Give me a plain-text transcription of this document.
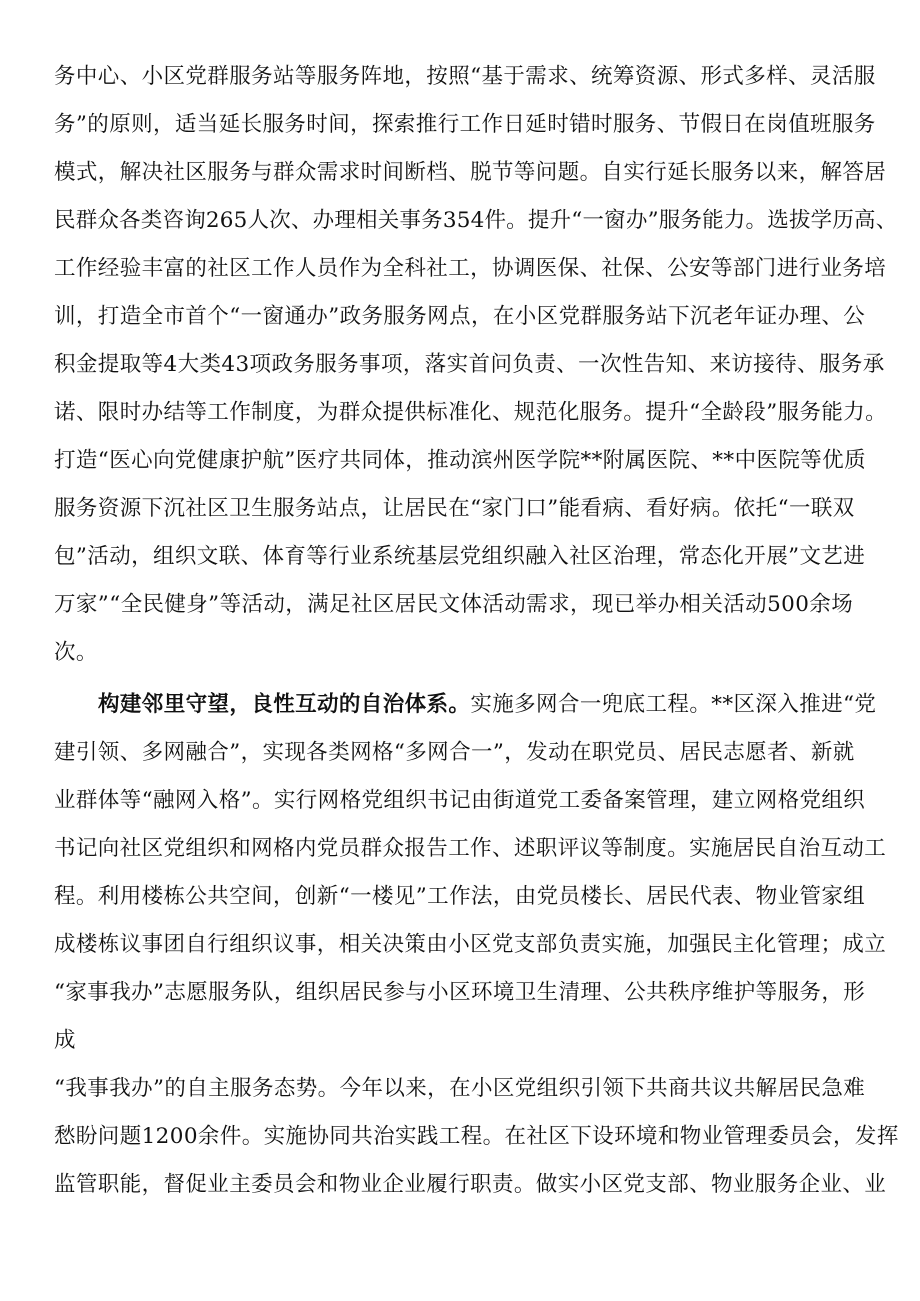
务中心、小区党群服务站等服务阵地，按照“基于需求、统筹资源、形式多样、灵活服
务”的原则，适当延长服务时间，探索推行工作日延时错时服务、节假日在岗值班服务
模式，解决社区服务与群众需求时间断档、脱节等问题。自实行延长服务以来，解答居
民群众各类咨询265人次、办理相关事务354件。提升“一窗办”服务能力。选拔学历高、
工作经验丰富的社区工作人员作为全科社工，协调医保、社保、公安等部门进行业务培
训，打造全市首个“一窗通办”政务服务网点，在小区党群服务站下沉老年证办理、公
积金提取等4大类43项政务服务事项，落实首问负责、一次性告知、来访接待、服务承
诺、限时办结等工作制度，为群众提供标准化、规范化服务。提升“全龄段”服务能力。
打造“医心向党健康护航”医疗共同体，推动滨州医学院**附属医院、**中医院等优质
服务资源下沉社区卫生服务站点，让居民在“家门口”能看病、看好病。依托“一联双
包”活动，组织文联、体育等行业系统基层党组织融入社区治理，常态化开展”文艺进
万家”“全民健身”等活动，满足社区居民文体活动需求，现已举办相关活动500余场
次。
构建邻里守望，良性互动的自治体系。实施多网合一兜底工程。**区深入推进“党
建引领、多网融合”，实现各类网格“多网合一”，发动在职党员、居民志愿者、新就
业群体等“融网入格”。实行网格党组织书记由街道党工委备案管理，建立网格党组织
书记向社区党组织和网格内党员群众报告工作、述职评议等制度。实施居民自治互动工
程。利用楼栋公共空间，创新“一楼见”工作法，由党员楼长、居民代表、物业管家组
成楼栋议事团自行组织议事，相关决策由小区党支部负责实施，加强民主化管理；成立
“家事我办”志愿服务队，组织居民参与小区环境卫生清理、公共秩序维护等服务，形
成
“我事我办”的自主服务态势。今年以来，在小区党组织引领下共商共议共解居民急难
愁盼问题1200余件。实施协同共治实践工程。在社区下设环境和物业管理委员会，发挥
监管职能，督促业主委员会和物业企业履行职责。做实小区党支部、物业服务企业、业
